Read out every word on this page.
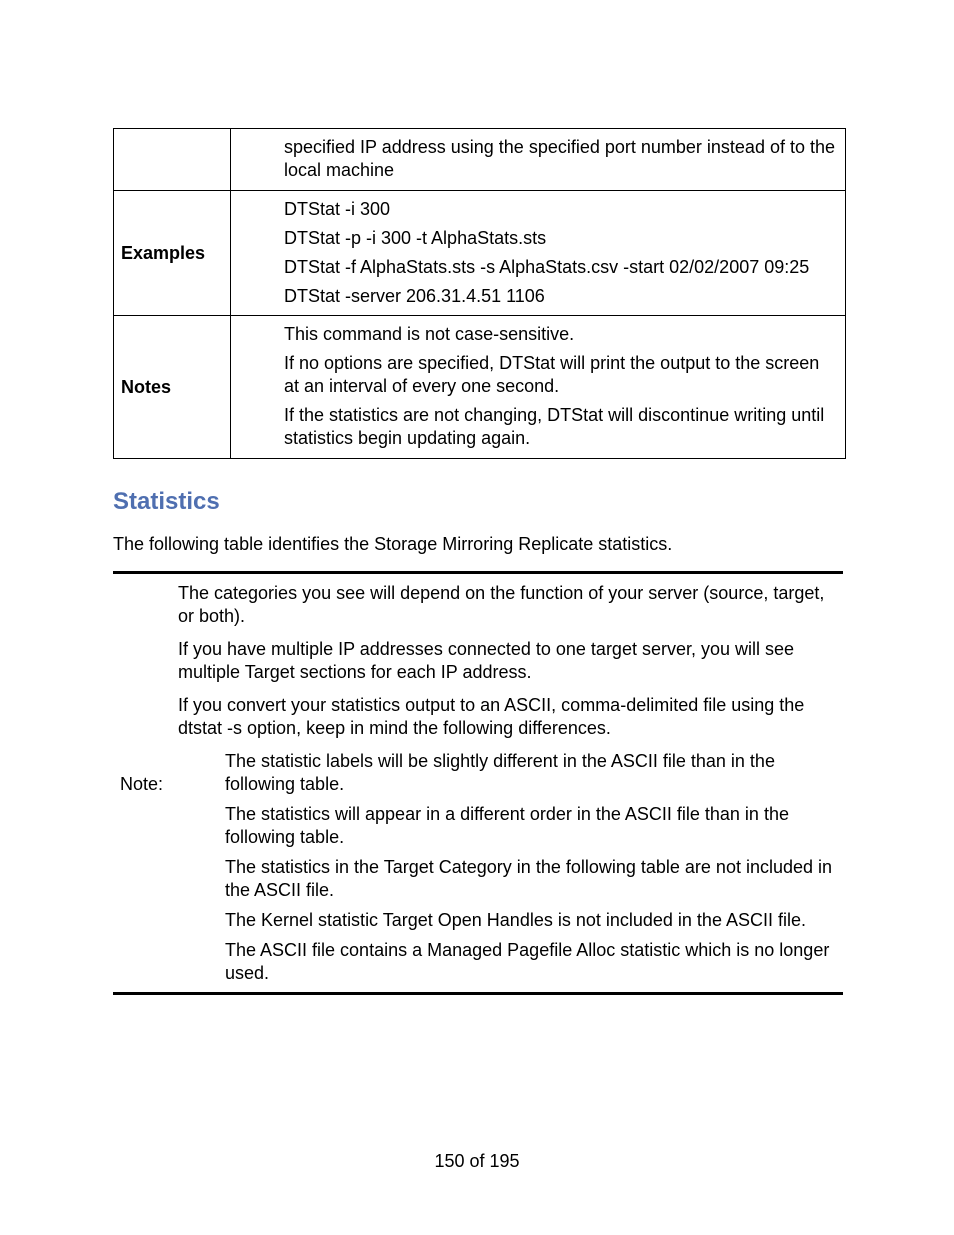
	specified IP address using the specified port number instead of to the local machine

Examples	DTStat -i 300

DTStat -p -i 300 -t AlphaStats.sts

DTStat -f AlphaStats.sts -s AlphaStats.csv -start 02/02/2007 09:25

DTStat -server 206.31.4.51 1106

Notes	This command is not case-sensitive.

If no options are specified, DTStat will print the output to the screen at an interval of every one second.

If the statistics are not changing, DTStat will discontinue writing until statistics begin updating again.

Statistics

The following table identifies the Storage Mirroring Replicate statistics.

Note:

The categories you see will depend on the function of your server (source, target, or both).

If you have multiple IP addresses connected to one target server, you will see multiple Target sections for each IP address.

If you convert your statistics output to an ASCII, comma-delimited file using the dtstat -s option, keep in mind the following differences.

The statistic labels will be slightly different in the ASCII file than in the following table.

The statistics will appear in a different order in the ASCII file than in the following table.

The statistics in the Target Category in the following table are not included in the ASCII file.

The Kernel statistic Target Open Handles is not included in the ASCII file.

The ASCII file contains a Managed Pagefile Alloc statistic which is no longer used.

150 of 195
